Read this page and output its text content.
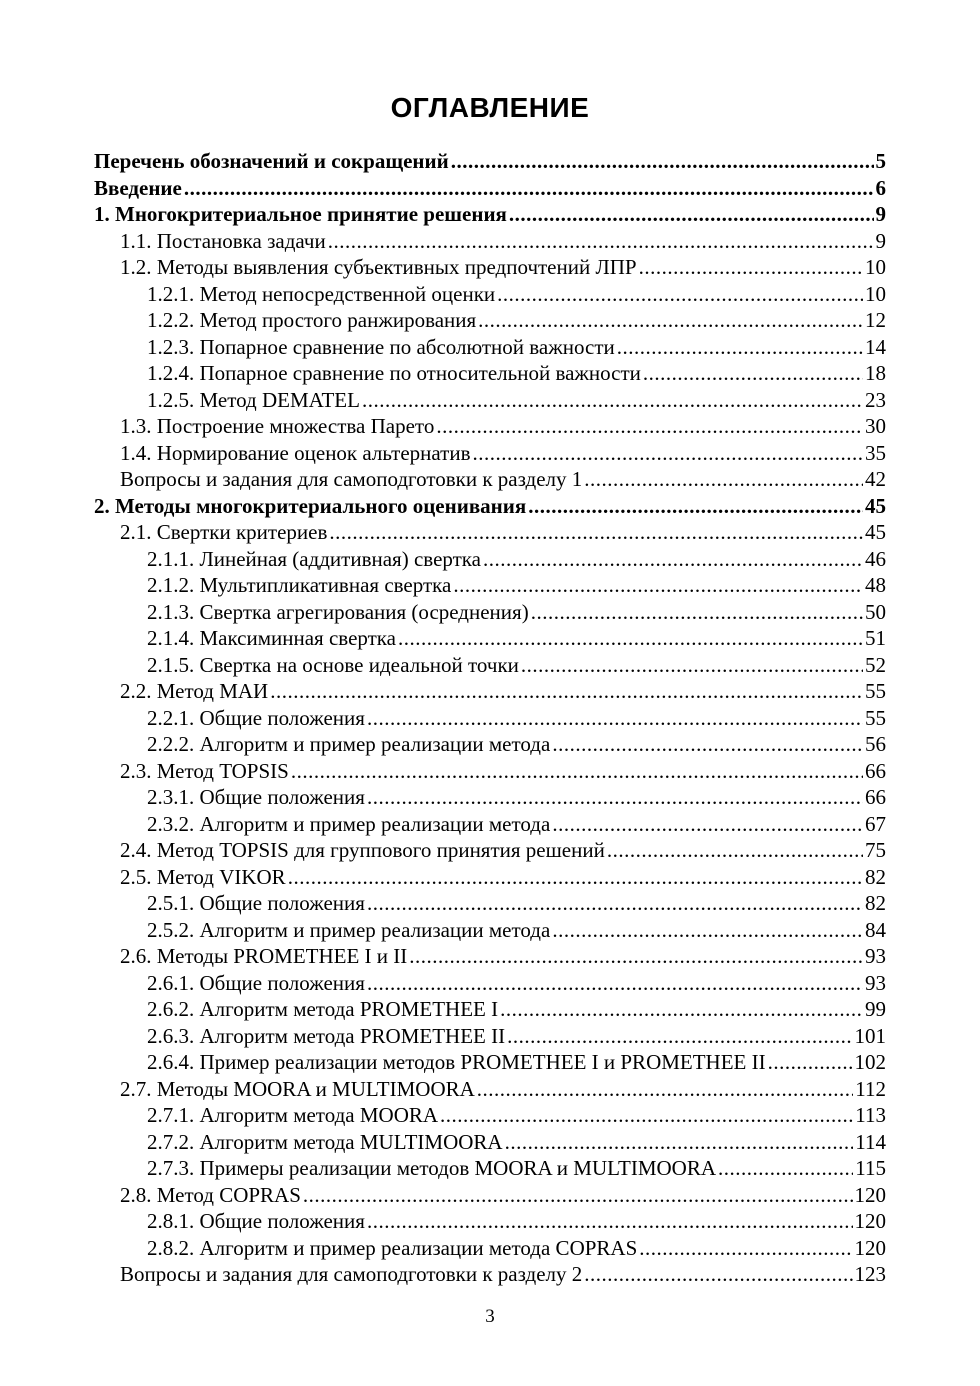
ОГЛАВЛЕНИЕ
Перечень обозначений и сокращений .....	5
Введение .....	6
1. Многокритериальное принятие решения .....	9
1.1. Постановка задачи .....	9
1.2. Методы выявления субъективных предпочтений ЛПР .....	10
1.2.1. Метод непосредственной оценки .....	10
1.2.2. Метод простого ранжирования .....	12
1.2.3. Попарное сравнение по абсолютной важности .....	14
1.2.4. Попарное сравнение по относительной важности .....	18
1.2.5. Метод DEMATEL .....	23
1.3. Построение множества Парето .....	30
1.4. Нормирование оценок альтернатив .....	35
Вопросы и задания для самоподготовки к разделу 1 .....	42
2. Методы многокритериального оценивания .....	45
2.1. Свертки критериев .....	45
2.1.1. Линейная (аддитивная) свертка .....	46
2.1.2. Мультипликативная свертка .....	48
2.1.3. Свертка агрегирования (осреднения) .....	50
2.1.4. Максиминная свертка .....	51
2.1.5. Свертка на основе идеальной точки .....	52
2.2. Метод МАИ .....	55
2.2.1. Общие положения .....	55
2.2.2. Алгоритм и пример реализации метода .....	56
2.3. Метод TOPSIS .....	66
2.3.1. Общие положения .....	66
2.3.2. Алгоритм и пример реализации метода .....	67
2.4. Метод TOPSIS для группового принятия решений .....	75
2.5. Метод VIKOR .....	82
2.5.1. Общие положения .....	82
2.5.2. Алгоритм и пример реализации метода .....	84
2.6. Методы PROMETHEE I и II .....	93
2.6.1. Общие положения .....	93
2.6.2. Алгоритм метода PROMETHEE I .....	99
2.6.3. Алгоритм метода PROMETHEE II .....	101
2.6.4. Пример реализации методов PROMETHEE I и PROMETHEE II .....	102
2.7. Методы MOORA и MULTIMOORA .....	112
2.7.1. Алгоритм метода MOORA .....	113
2.7.2. Алгоритм метода MULTIMOORA .....	114
2.7.3. Примеры реализации методов MOORA и MULTIMOORA .....	115
2.8. Метод COPRAS .....	120
2.8.1. Общие положения .....	120
2.8.2. Алгоритм и пример реализации метода COPRAS .....	120
Вопросы и задания для самоподготовки к разделу 2 .....	123
3
